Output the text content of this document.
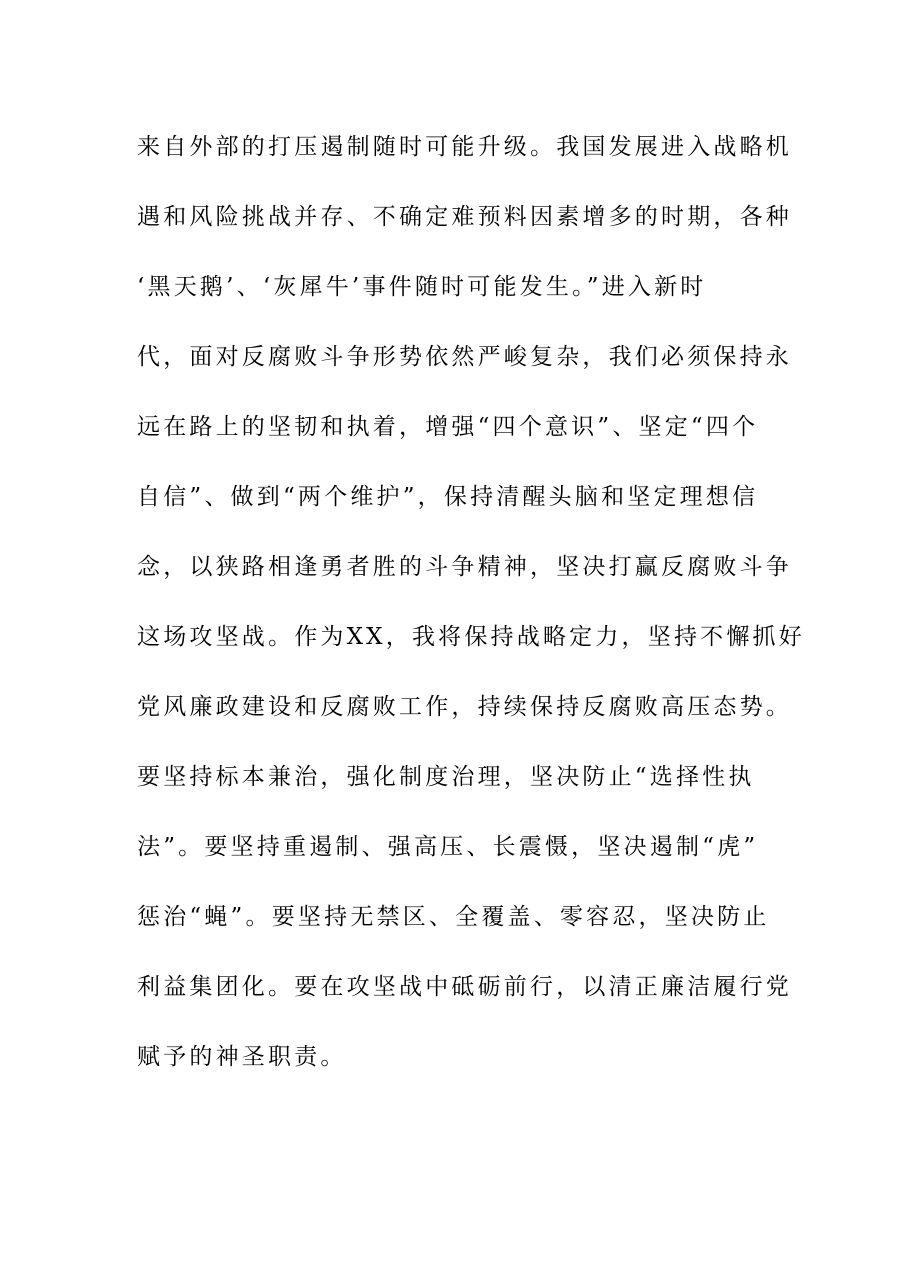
来自外部的打压遏制随时可能升级。我国发展进入战略机
遇和风险挑战并存、不确定难预料因素增多的时期，各种
‘黑天鹅’、‘灰犀牛’事件随时可能发生。”进入新时
代，面对反腐败斗争形势依然严峻复杂，我们必须保持永
远在路上的坚韧和执着，增强“四个意识”、坚定“四个
自信”、做到“两个维护”，保持清醒头脑和坚定理想信
念，以狭路相逢勇者胜的斗争精神，坚决打赢反腐败斗争
这场攻坚战。作为XX，我将保持战略定力，坚持不懈抓好
党风廉政建设和反腐败工作，持续保持反腐败高压态势。
要坚持标本兼治，强化制度治理，坚决防止“选择性执
法”。要坚持重遏制、强高压、长震慑，坚决遏制“虎”
惩治“蝇”。要坚持无禁区、全覆盖、零容忍，坚决防止
利益集团化。要在攻坚战中砥砺前行，以清正廉洁履行党
赋予的神圣职责。
